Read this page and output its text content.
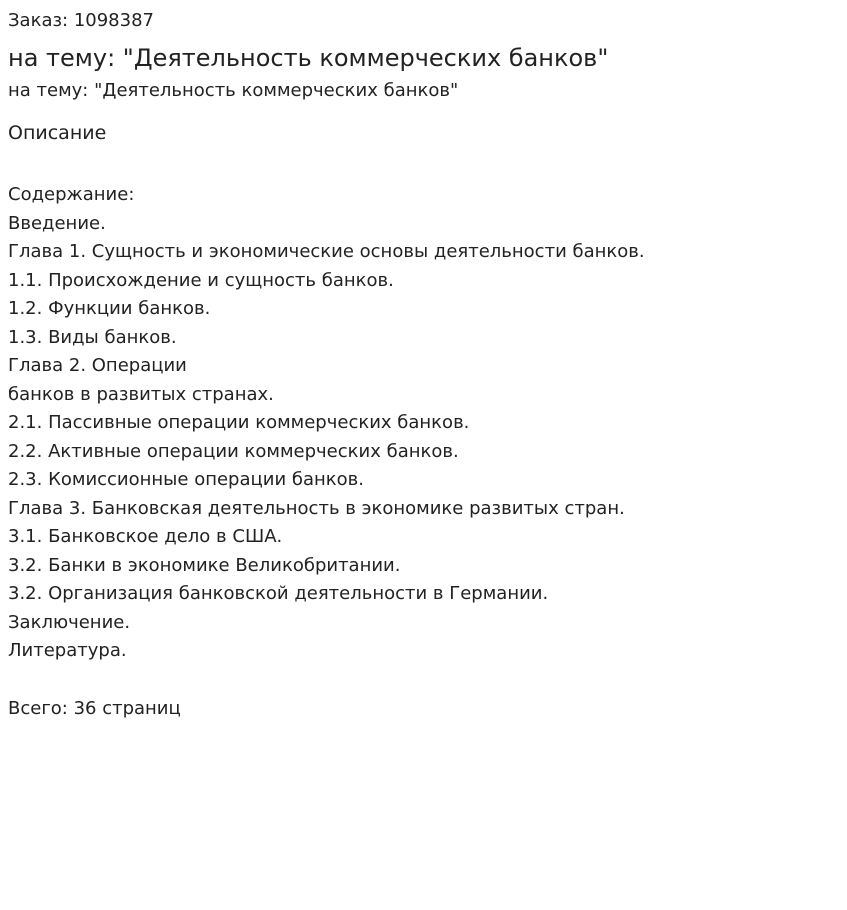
Заказ: 1098387
на тему: "Деятельность коммерческих банков"
на тему: "Деятельность коммерческих банков"
Описание
Содержание:
Введение.
Глава 1. Сущность и экономические основы деятельности банков.
1.1. Происхождение и сущность банков.
1.2. Функции банков.
1.3. Виды банков.
Глава 2. Операции
банков в развитых странах.
2.1. Пассивные операции коммерческих банков.
2.2. Активные операции коммерческих банков.
2.3. Комиссионные операции банков.
Глава 3. Банковская деятельность в экономике развитых стран.
3.1. Банковское дело в США.
3.2. Банки в экономике Великобритании.
3.2. Организация банковской деятельности в Германии.
Заключение.
Литература.
Всего: 36 страниц
